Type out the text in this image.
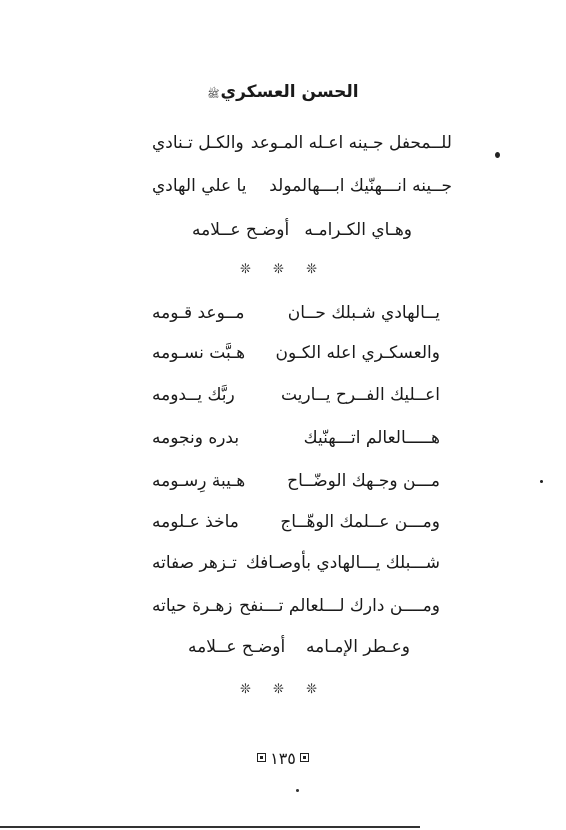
الحسن العسكريﷺ
للــمحفل جـينه اعـله المـوعد
والكـل تـنادي
جــينه انـــهنّيك ابـــهالمولد
يا علي الهادي
وهـاي الكـرامـه
أوضـح عــلامه
❊ ❊ ❊
يــالهادي شـبلك حــان
مــوعد قـومه
والعسكـري اعله الكـون
هـبَّت نسـومه
اعــليك الفــرح يــاريت
ربَّك يــدومه
هـــــالعالم اتـــهنّيك
بدره ونجومه
مـــن وجـهك الوضّــاح
هـيبة رِسـومه
ومـــن عــلمك الوهّــاج
ماخذ عـلومه
شـــبلك يـــالهادي بأوصـافك
تـزهر صفاته
ومــــن دارك لـــلعالم تـــنفح
زهـرة حياته
وعـطر الإمـامه
أوضـح عــلامه
❊ ❊ ❊
١٣٥
